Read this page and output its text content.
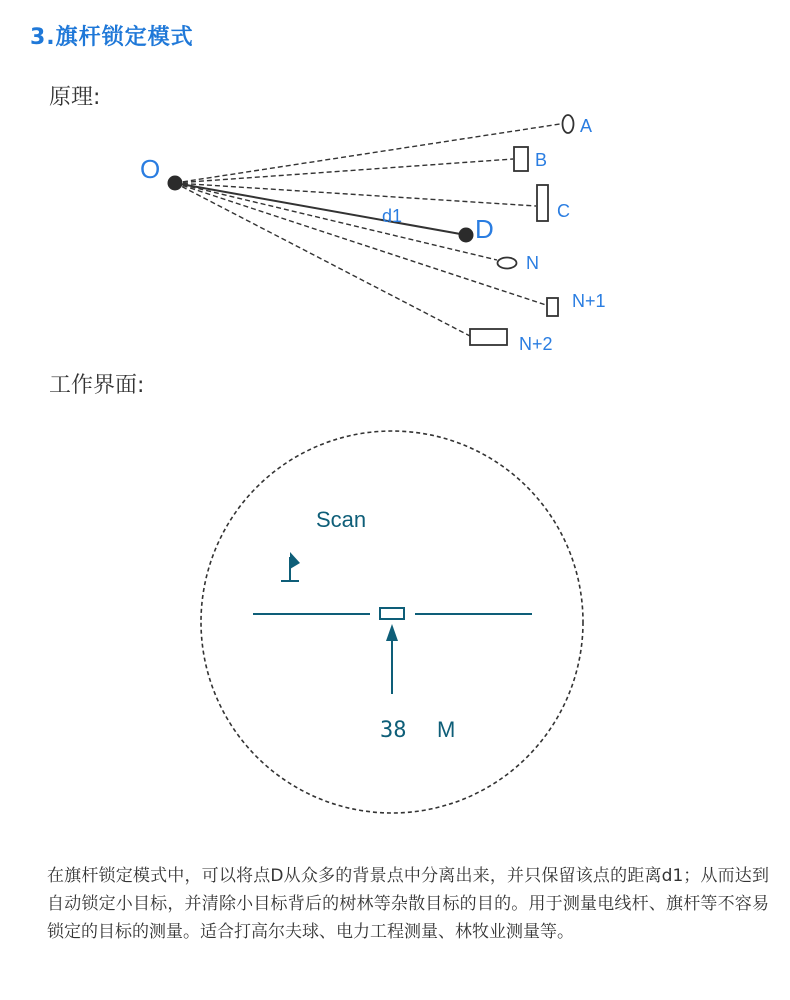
3.旗杆锁定模式
原理:
O
D
d1
A
B
C
N
N+1
N+2
工作界面:
Scan
38 M
在旗杆锁定模式中，可以将点D从众多的背景点中分离出来，并只保留该点的距离d1；从而达到自动锁定小目标，并清除小目标背后的树林等杂散目标的目的。用于测量电线杆、旗杆等不容易锁定的目标的测量。适合打高尔夫球、电力工程测量、林牧业测量等。
